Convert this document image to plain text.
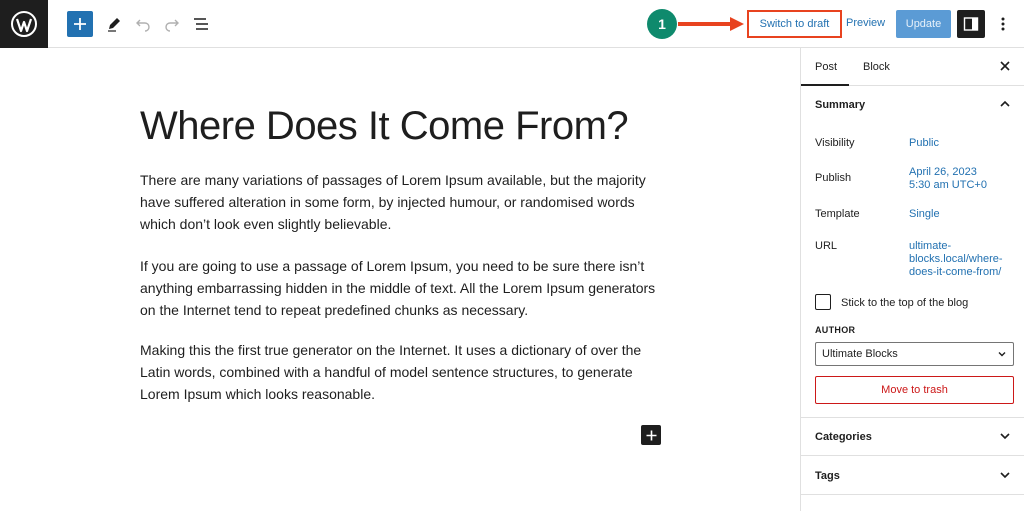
1	Switch to draft	Preview	Update
Where Does It Come From?

There are many variations of passages of Lorem Ipsum available, but the majority have suffered alteration in some form, by injected humour, or randomised words which don’t look even slightly believable.

If you are going to use a passage of Lorem Ipsum, you need to be sure there isn’t anything embarrassing hidden in the middle of text. All the Lorem Ipsum generators on the Internet tend to repeat predefined chunks as necessary.

Making this the first true generator on the Internet. It uses a dictionary of over the Latin words, combined with a handful of model sentence structures, to generate Lorem Ipsum which looks reasonable.

Post Block
Summary
Visibility	Public
Publish	April 26, 2023
5:30 am UTC+0
Template	Single
URL	ultimate-
blocks.local/where-
does-it-come-from/
Stick to the top of the blog
AUTHOR
Ultimate Blocks
Move to trash
Categories
Tags
